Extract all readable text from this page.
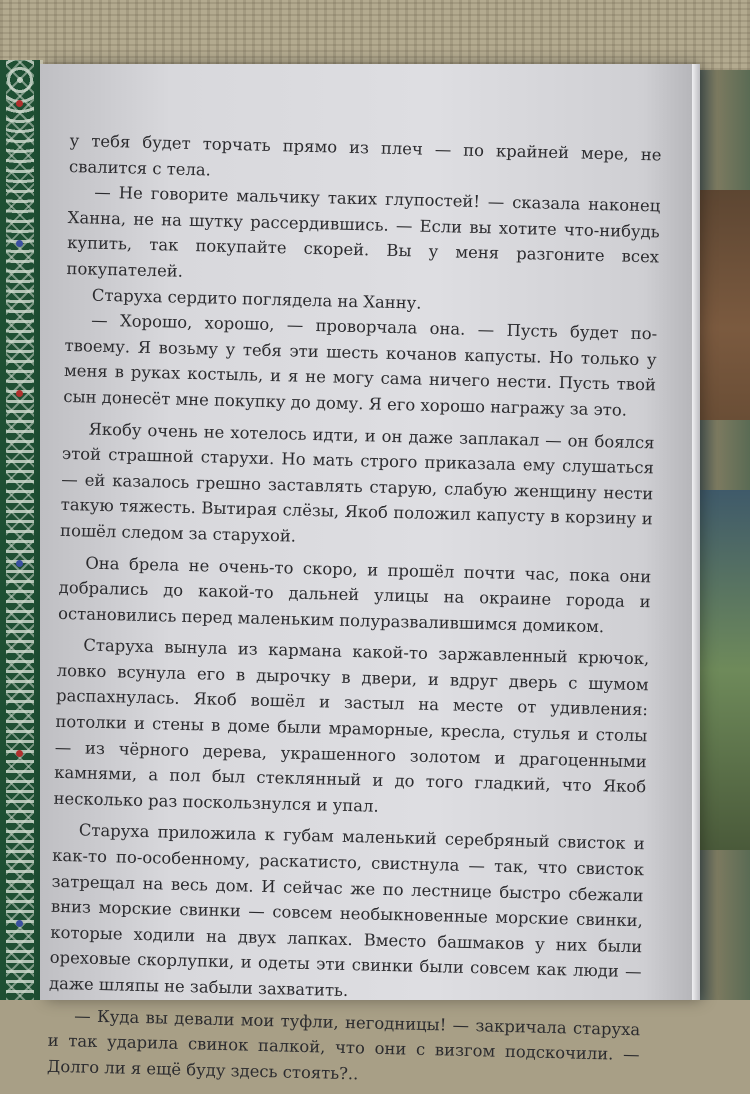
у тебя будет торчать прямо из плеч — по крайней мере, не свалится с тела.

— Не говорите мальчику таких глупостей! — сказала наконец Ханна, не на шутку рассердившись. — Если вы хотите что-нибудь купить, так покупайте скорей. Вы у меня разгоните всех покупателей.

Старуха сердито поглядела на Ханну.

— Хорошо, хорошо, — проворчала она. — Пусть будет по-твоему. Я возьму у тебя эти шесть кочанов капусты. Но только у меня в руках костыль, и я не могу сама ничего нести. Пусть твой сын донесёт мне покупку до дому. Я его хорошо награжу за это.

Якобу очень не хотелось идти, и он даже заплакал — он боялся этой страшной старухи. Но мать строго приказала ему слушаться — ей казалось грешно заставлять старую, слабую женщину нести такую тяжесть. Вытирая слёзы, Якоб положил капусту в корзину и пошёл следом за старухой.

Она брела не очень-то скоро, и прошёл почти час, пока они добрались до какой-то дальней улицы на окраине города и остановились перед маленьким полуразвалившимся домиком.

Старуха вынула из кармана какой-то заржавленный крючок, ловко всунула его в дырочку в двери, и вдруг дверь с шумом распахнулась. Якоб вошёл и застыл на месте от удивления: потолки и стены в доме были мраморные, кресла, стулья и столы — из чёрного дерева, украшенного золотом и драгоценными камнями, а пол был стеклянный и до того гладкий, что Якоб несколько раз поскользнулся и упал.

Старуха приложила к губам маленький серебряный свисток и как-то по-особенному, раскатисто, свистнула — так, что свисток затрещал на весь дом. И сейчас же по лестнице быстро сбежали вниз морские свинки — совсем необыкновенные морские свинки, которые ходили на двух лапках. Вместо башмаков у них были ореховые скорлупки, и одеты эти свинки были совсем как люди — даже шляпы не забыли захватить.

— Куда вы девали мои туфли, негодницы! — закричала старуха и так ударила свинок палкой, что они с визгом подскочили. — Долго ли я ещё буду здесь стоять?..
